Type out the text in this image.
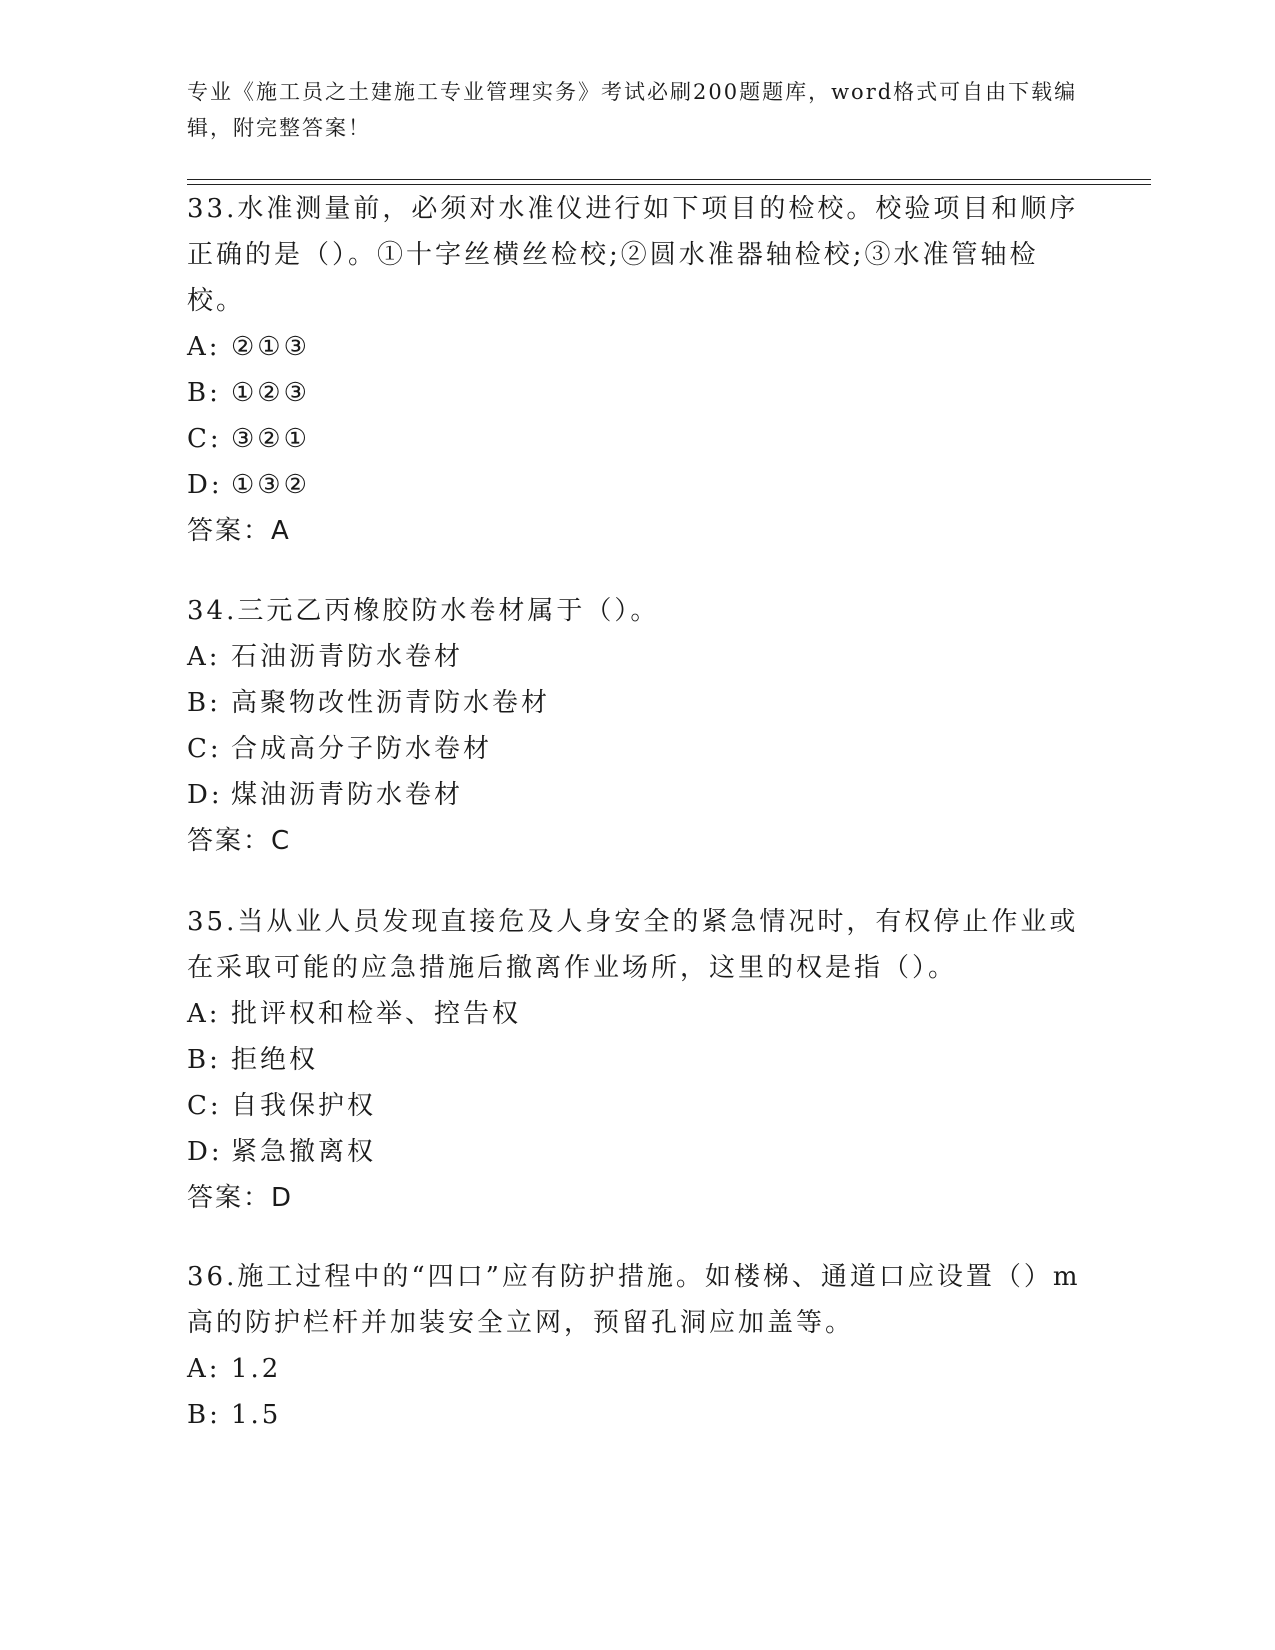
专业《施工员之土建施工专业管理实务》考试必刷200题题库，word格式可自由下载编辑，附完整答案！

33.水准测量前，必须对水准仪进行如下项目的检校。校验项目和顺序正确的是（）。①十字丝横丝检校;②圆水准器轴检校;③水准管轴检校。

A: ②①③

B: ①②③

C: ③②①

D: ①③②

答案：A

34.三元乙丙橡胶防水卷材属于（）。

A: 石油沥青防水卷材

B: 高聚物改性沥青防水卷材

C: 合成高分子防水卷材

D: 煤油沥青防水卷材

答案：C

35.当从业人员发现直接危及人身安全的紧急情况时，有权停止作业或在采取可能的应急措施后撤离作业场所，这里的权是指（）。

A: 批评权和检举、控告权

B: 拒绝权

C: 自我保护权

D: 紧急撤离权

答案：D

36.施工过程中的“四口”应有防护措施。如楼梯、通道口应设置（）m高的防护栏杆并加装安全立网，预留孔洞应加盖等。

A: 1.2

B: 1.5
